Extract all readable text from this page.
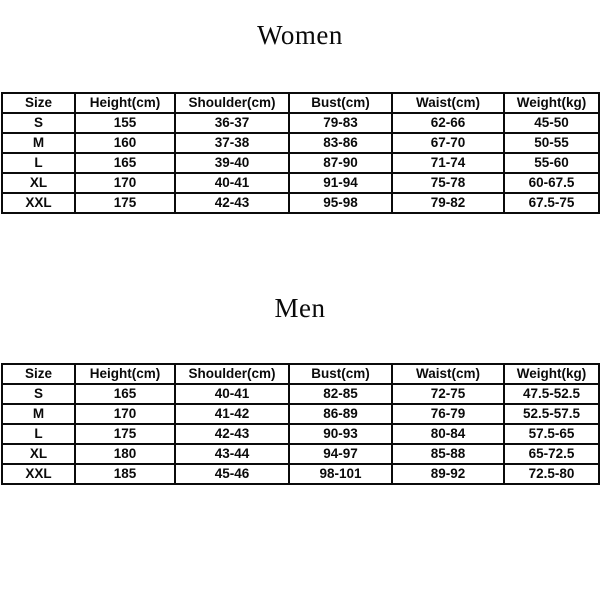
Women
Size	Height(cm)	Shoulder(cm)	Bust(cm)	Waist(cm)	Weight(kg)
S	155	36-37	79-83	62-66	45-50
M	160	37-38	83-86	67-70	50-55
L	165	39-40	87-90	71-74	55-60
XL	170	40-41	91-94	75-78	60-67.5
XXL	175	42-43	95-98	79-82	67.5-75
Men
Size	Height(cm)	Shoulder(cm)	Bust(cm)	Waist(cm)	Weight(kg)
S	165	40-41	82-85	72-75	47.5-52.5
M	170	41-42	86-89	76-79	52.5-57.5
L	175	42-43	90-93	80-84	57.5-65
XL	180	43-44	94-97	85-88	65-72.5
XXL	185	45-46	98-101	89-92	72.5-80
